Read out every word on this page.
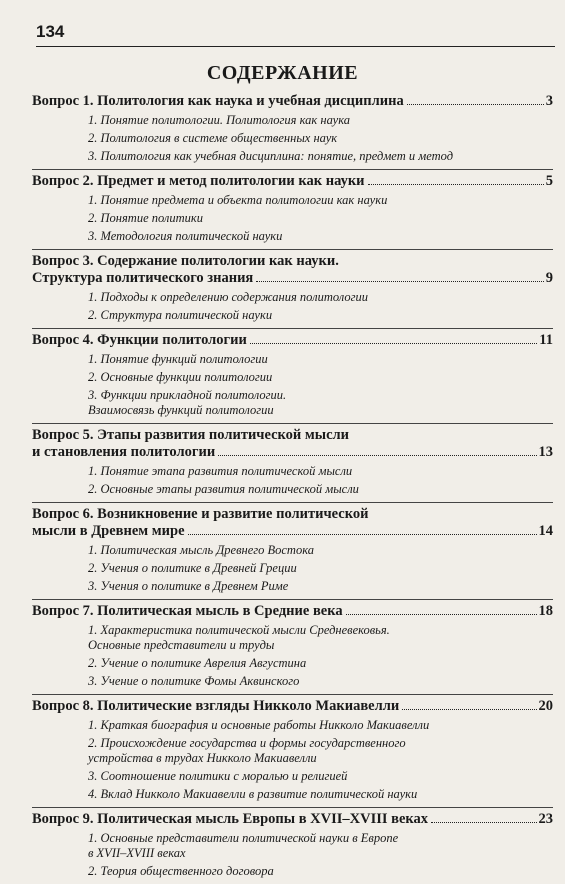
134
СОДЕРЖАНИЕ
Вопрос 1. Политология как наука и учебная дисциплина	3
1. Понятие политологии. Политология как наука
2. Политология в системе общественных наук
3. Политология как учебная дисциплина: понятие, предмет и метод
Вопрос 2. Предмет и метод политологии как науки	5
1. Понятие предмета и объекта политологии как науки
2. Понятие политики
3. Методология политической науки
Вопрос 3. Содержание политологии как науки.
Структура политического знания	9
1. Подходы к определению содержания политологии
2. Структура политической науки
Вопрос 4. Функции политологии	11
1. Понятие функций политологии
2. Основные функции политологии
3. Функции прикладной политологии.
Взаимосвязь функций политологии
Вопрос 5. Этапы развития политической мысли
и становления политологии	13
1. Понятие этапа развития политической мысли
2. Основные этапы развития политической мысли
Вопрос 6. Возникновение и развитие политической
мысли в Древнем мире	14
1. Политическая мысль Древнего Востока
2. Учения о политике в Древней Греции
3. Учения о политике в Древнем Риме
Вопрос 7. Политическая мысль в Средние века	18
1. Характеристика политической мысли Средневековья.
Основные представители и труды
2. Учение о политике Аврелия Августина
3. Учение о политике Фомы Аквинского
Вопрос 8. Политические взгляды Никколо Макиавелли	20
1. Краткая биография и основные работы Никколо Макиавелли
2. Происхождение государства и формы государственного
устройства в трудах Никколо Макиавелли
3. Соотношение политики с моралью и религией
4. Вклад Никколо Макиавелли в развитие политической науки
Вопрос 9. Политическая мысль Европы в XVII–XVIII веках	23
1. Основные представители политической науки в Европе
в XVII–XVIII веках
2. Теория общественного договора
